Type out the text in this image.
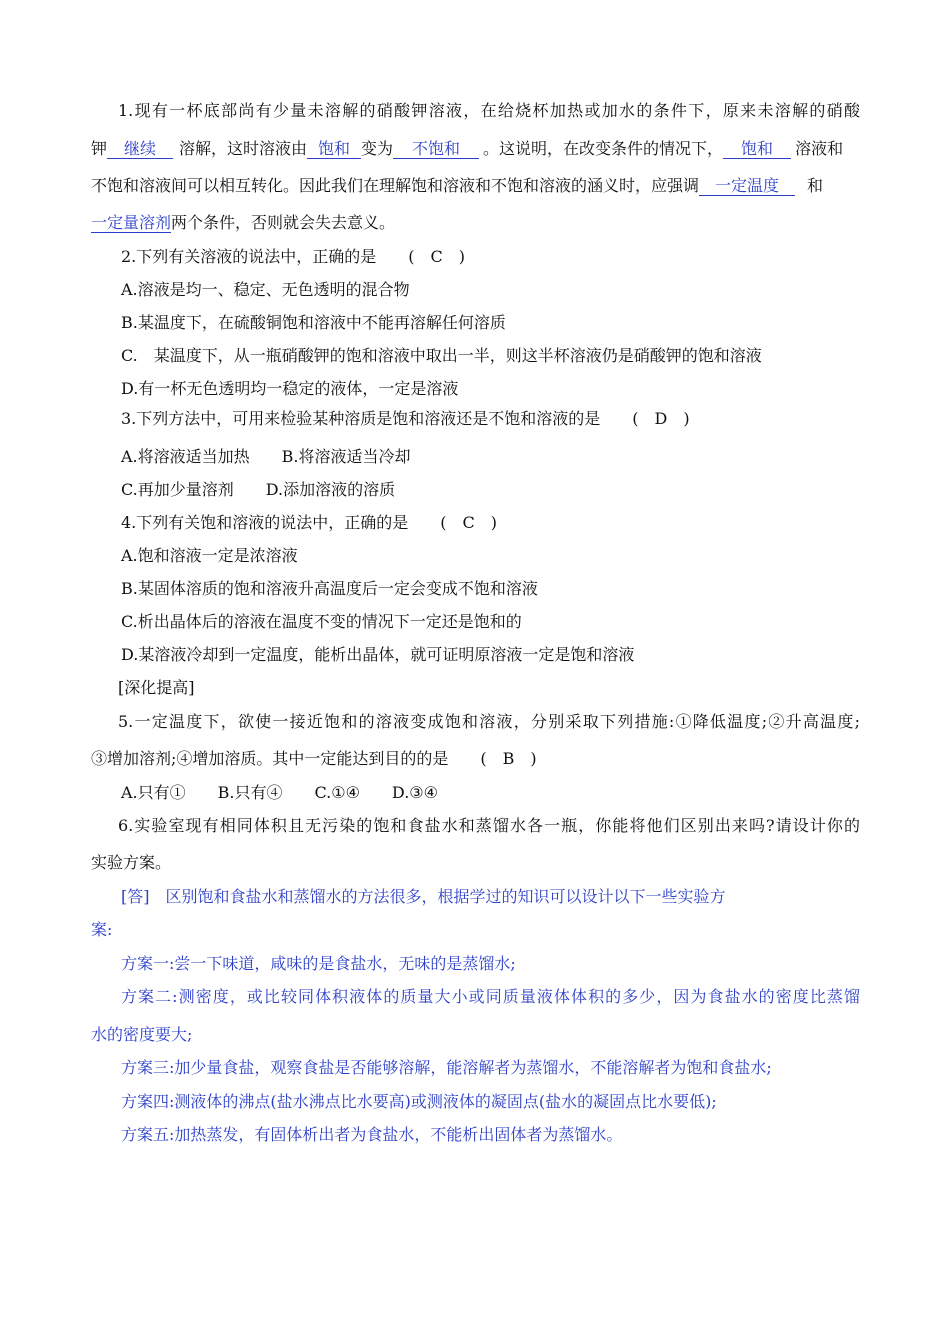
1.现有一杯底部尚有少量未溶解的硝酸钾溶液，在给烧杯加热或加水的条件下，原来未溶解的硝酸
钾 继续 溶解，这时溶液由 饱和 变为 不饱和 。这说明，在改变条件的情况下， 饱和 溶液和
不饱和溶液间可以相互转化。因此我们在理解饱和溶液和不饱和溶液的涵义时，应强调 一定温度 和
一定量溶剂两个条件，否则就会失去意义。
2.下列有关溶液的说法中，正确的是　　(　C　)
A.溶液是均一、稳定、无色透明的混合物
B.某温度下，在硫酸铜饱和溶液中不能再溶解任何溶质
C.　某温度下，从一瓶硝酸钾的饱和溶液中取出一半，则这半杯溶液仍是硝酸钾的饱和溶液
D.有一杯无色透明均一稳定的液体，一定是溶液
3.下列方法中，可用来检验某种溶质是饱和溶液还是不饱和溶液的是　　(　D　)
A.将溶液适当加热　　B.将溶液适当冷却
C.再加少量溶剂　　D.添加溶液的溶质
4.下列有关饱和溶液的说法中，正确的是　　(　C　)
A.饱和溶液一定是浓溶液
B.某固体溶质的饱和溶液升高温度后一定会变成不饱和溶液
C.析出晶体后的溶液在温度不变的情况下一定还是饱和的
D.某溶液冷却到一定温度，能析出晶体，就可证明原溶液一定是饱和溶液
[深化提高]
5.一定温度下，欲使一接近饱和的溶液变成饱和溶液，分别采取下列措施:①降低温度;②升高温度;
③增加溶剂;④增加溶质。其中一定能达到目的的是　　(　B　)
A.只有①　　B.只有④　　C.①④　　D.③④
6.实验室现有相同体积且无污染的饱和食盐水和蒸馏水各一瓶，你能将他们区别出来吗?请设计你的
实验方案。
[答]　区别饱和食盐水和蒸馏水的方法很多，根据学过的知识可以设计以下一些实验方
案:
方案一:尝一下味道，咸味的是食盐水，无味的是蒸馏水;
方案二:测密度，或比较同体积液体的质量大小或同质量液体体积的多少，因为食盐水的密度比蒸馏
水的密度要大;
方案三:加少量食盐，观察食盐是否能够溶解，能溶解者为蒸馏水，不能溶解者为饱和食盐水;
方案四:测液体的沸点(盐水沸点比水要高)或测液体的凝固点(盐水的凝固点比水要低);
方案五:加热蒸发，有固体析出者为食盐水，不能析出固体者为蒸馏水。
